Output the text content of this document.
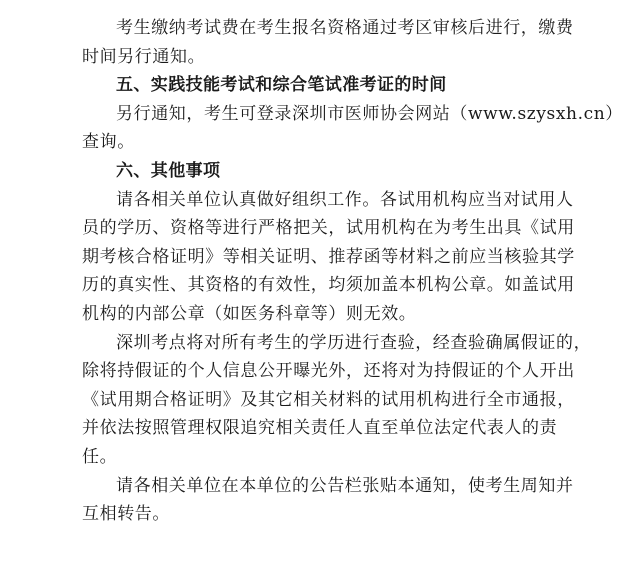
考生缴纳考试费在考生报名资格通过考区审核后进行，缴费
时间另行通知。
五、实践技能考试和综合笔试准考证的时间
另行通知，考生可登录深圳市医师协会网站（www.szysxh.cn）
查询。
六、其他事项
请各相关单位认真做好组织工作。各试用机构应当对试用人
员的学历、资格等进行严格把关，试用机构在为考生出具《试用
期考核合格证明》等相关证明、推荐函等材料之前应当核验其学
历的真实性、其资格的有效性，均须加盖本机构公章。如盖试用
机构的内部公章（如医务科章等）则无效。
深圳考点将对所有考生的学历进行查验，经查验确属假证的，
除将持假证的个人信息公开曝光外，还将对为持假证的个人开出
《试用期合格证明》及其它相关材料的试用机构进行全市通报，
并依法按照管理权限追究相关责任人直至单位法定代表人的责
任。
请各相关单位在本单位的公告栏张贴本通知，使考生周知并
互相转告。
